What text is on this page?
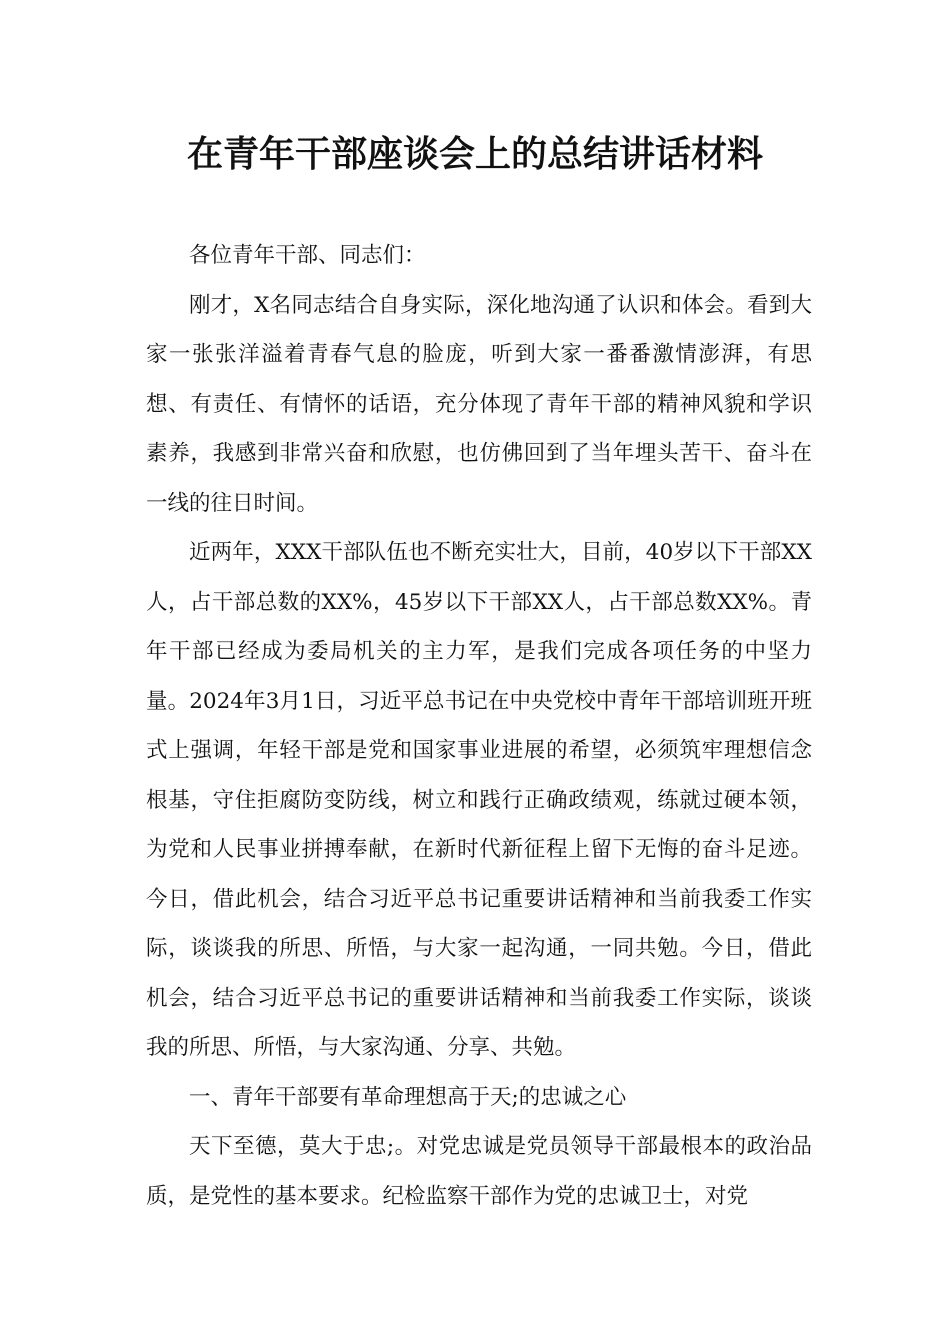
在青年干部座谈会上的总结讲话材料

各位青年干部、同志们：

刚才，X名同志结合自身实际，深化地沟通了认识和体会。看到大家一张张洋溢着青春气息的脸庞，听到大家一番番激情澎湃，有思想、有责任、有情怀的话语，充分体现了青年干部的精神风貌和学识素养，我感到非常兴奋和欣慰，也仿佛回到了当年埋头苦干、奋斗在一线的往日时间。

近两年，XXX干部队伍也不断充实壮大，目前，40岁以下干部XX人，占干部总数的XX%，45岁以下干部XX人，占干部总数XX%。青年干部已经成为委局机关的主力军，是我们完成各项任务的中坚力量。2024年3月1日，习近平总书记在中央党校中青年干部培训班开班式上强调，年轻干部是党和国家事业进展的希望，必须筑牢理想信念根基，守住拒腐防变防线，树立和践行正确政绩观，练就过硬本领，为党和人民事业拼搏奉献，在新时代新征程上留下无悔的奋斗足迹。今日，借此机会，结合习近平总书记重要讲话精神和当前我委工作实际，谈谈我的所思、所悟，与大家一起沟通，一同共勉。今日，借此机会，结合习近平总书记的重要讲话精神和当前我委工作实际，谈谈我的所思、所悟，与大家沟通、分享、共勉。

一、青年干部要有革命理想高于天;的忠诚之心

天下至德，莫大于忠;。对党忠诚是党员领导干部最根本的政治品质，是党性的基本要求。纪检监察干部作为党的忠诚卫士，对党
